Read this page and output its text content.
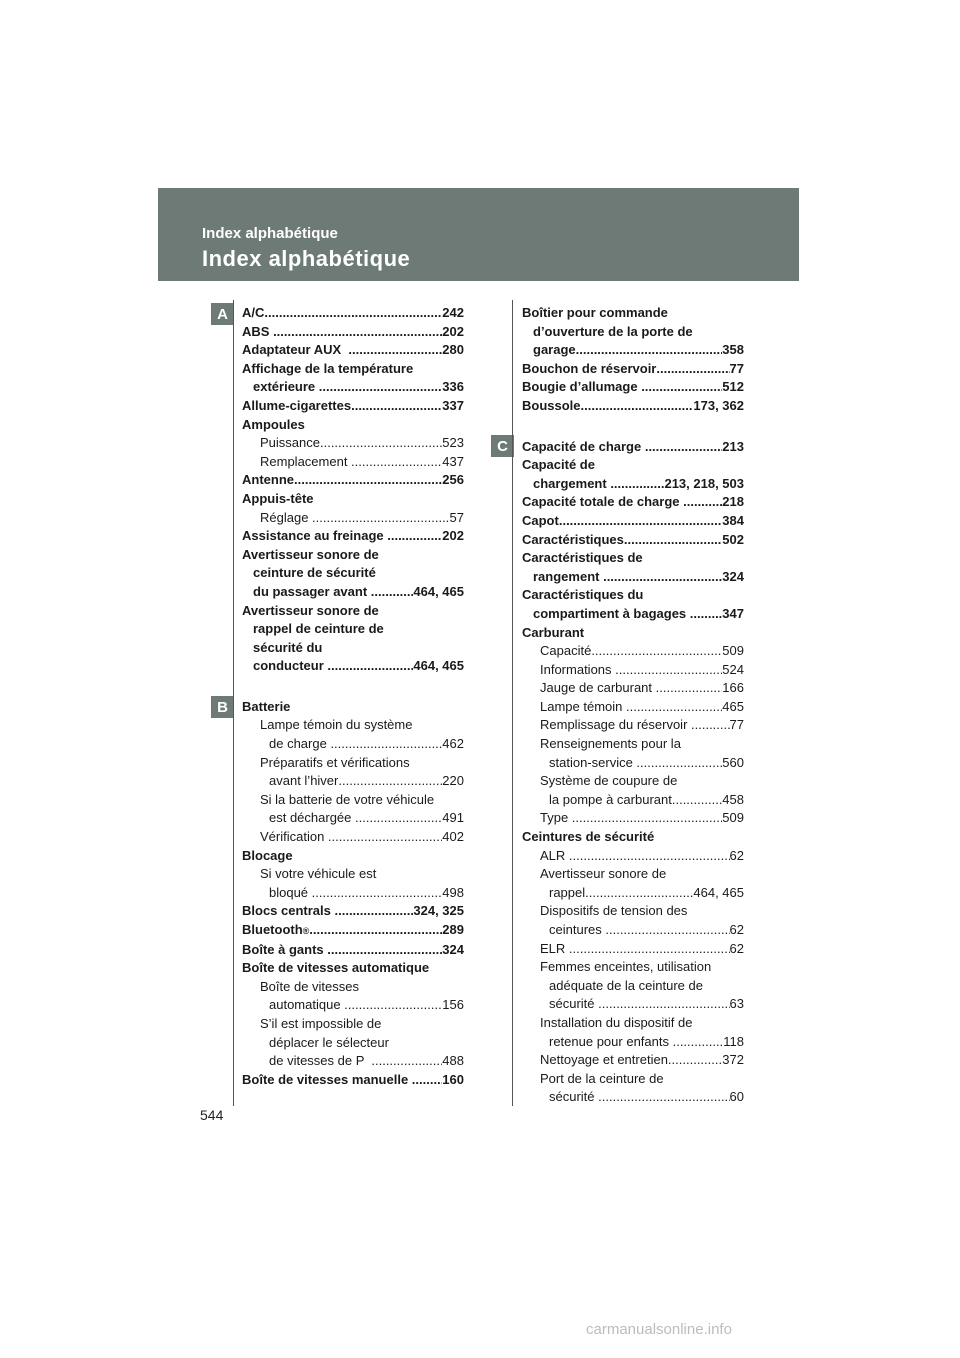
Index alphabétique
Index alphabétique
A
B
C
A/C .....	242
ABS .....	202
Adaptateur AUX .....	280
Affichage de la température
extérieure .....	336
Allume-cigarettes .....	337
Ampoules
Puissance .....	523
Remplacement .....	437
Antenne .....	256
Appuis-tête
Réglage .....	57
Assistance au freinage .....	202
Avertisseur sonore de
ceinture de sécurité
du passager avant .....	464, 465
Avertisseur sonore de
rappel de ceinture de
sécurité du
conducteur .....	464, 465
Batterie
Lampe témoin du système
de charge .....	462
Préparatifs et vérifications
avant l’hiver .....	220
Si la batterie de votre véhicule
est déchargée .....	491
Vérification .....	402
Blocage
Si votre véhicule est
bloqué .....	498
Blocs centrals .....	324, 325
Bluetooth ® .....	289
Boîte à gants .....	324
Boîte de vitesses automatique
Boîte de vitesses
automatique .....	156
S’il est impossible de
déplacer le sélecteur
de vitesses de P .....	488
Boîte de vitesses manuelle ..... 160
Boîtier pour commande
d’ouverture de la porte de
garage .....	358
Bouchon de réservoir .....	77
Bougie d’allumage .....	512
Boussole .....	173, 362
Capacité de charge .....	213
Capacité de
chargement .....	213, 218, 503
Capacité totale de charge .....	218
Capot .....	384
Caractéristiques .....	502
Caractéristiques de
rangement .....	324
Caractéristiques du
compartiment à bagages .....	347
Carburant
Capacité .....	509
Informations .....	524
Jauge de carburant .....	166
Lampe témoin .....	465
Remplissage du réservoir .....	77
Renseignements pour la
station-service .....	560
Système de coupure de
la pompe à carburant .....	458
Type .....	509
Ceintures de sécurité
ALR .....	62
Avertisseur sonore de
rappel .....	464, 465
Dispositifs de tension des
ceintures .....	62
ELR .....	62
Femmes enceintes, utilisation
adéquate de la ceinture de
sécurité .....	63
Installation du dispositif de
retenue pour enfants .....	118
Nettoyage et entretien .....	372
Port de la ceinture de
sécurité .....	60
544
carmanualsonline.info
